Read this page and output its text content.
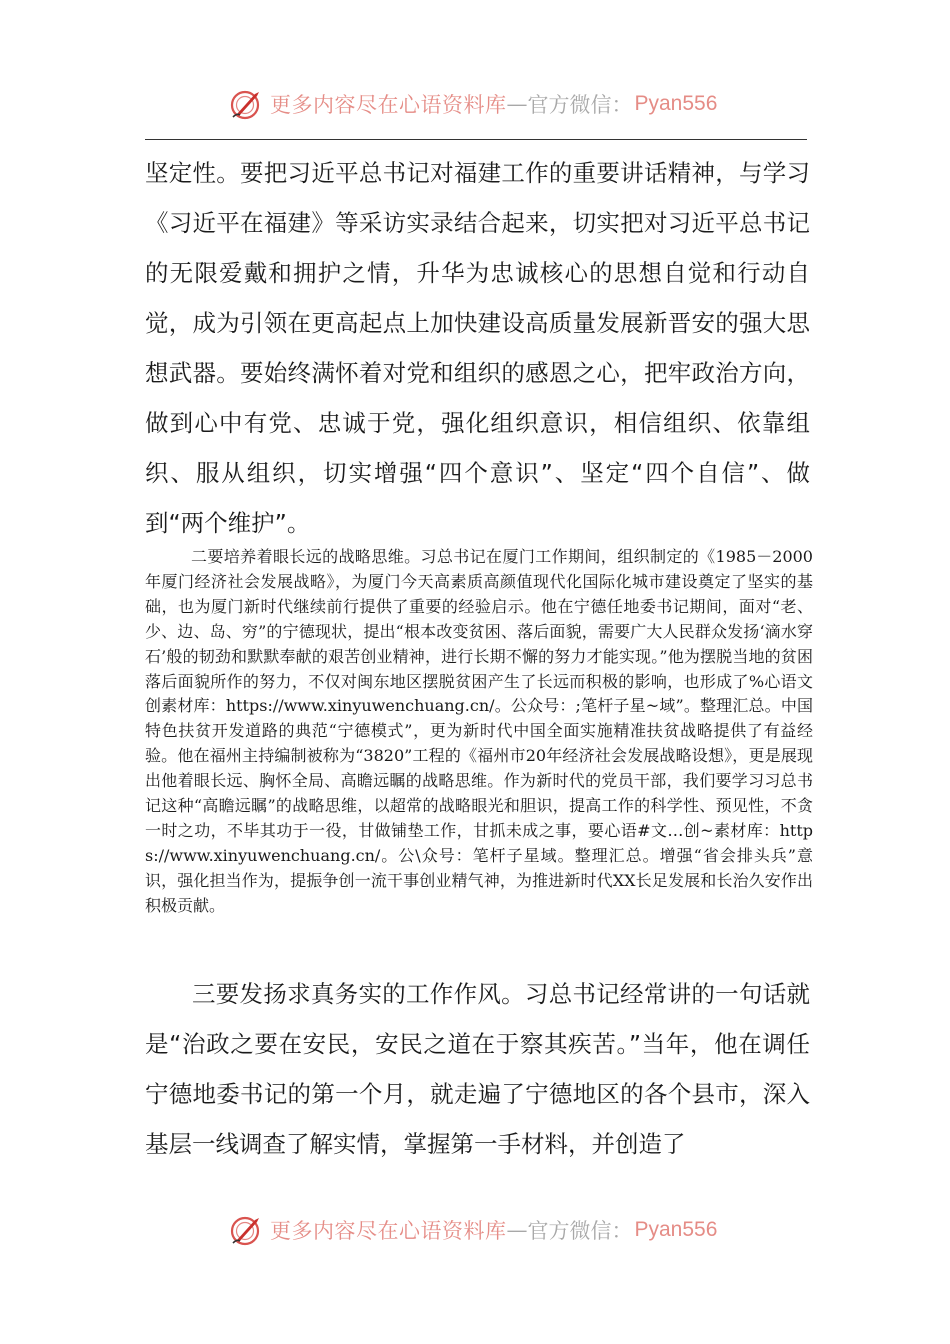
更多内容尽在心语资料库 — 官方微信： Pyan556

坚定性。要把习近平总书记对福建工作的重要讲话精神，与学习《习近平在福建》等采访实录结合起来，切实把对习近平总书记的无限爱戴和拥护之情，升华为忠诚核心的思想自觉和行动自觉，成为引领在更高起点上加快建设高质量发展新晋安的强大思想武器。要始终满怀着对党和组织的感恩之心，把牢政治方向，做到心中有党、忠诚于党，强化组织意识，相信组织、依靠组织、服从组织，切实增强“四个意识”、坚定“四个自信”、做到“两个维护”。

二要培养着眼长远的战略思维。习总书记在厦门工作期间，组织制定的《1985－2000年厦门经济社会发展战略》，为厦门今天高素质高颜值现代化国际化城市建设奠定了坚实的基础，也为厦门新时代继续前行提供了重要的经验启示。他在宁德任地委书记期间，面对“老、少、边、岛、穷”的宁德现状，提出“根本改变贫困、落后面貌，需要广大人民群众发扬‘滴水穿石’般的韧劲和默默奉献的艰苦创业精神，进行长期不懈的努力才能实现。”他为摆脱当地的贫困落后面貌所作的努力，不仅对闽东地区摆脱贫困产生了长远而积极的影响，也形成了%心语文创素材库：https://www.xinyuwenchuang.cn/。公众号：;笔杆子星~域”。整理汇总。中国特色扶贫开发道路的典范“宁德模式”，更为新时代中国全面实施精准扶贫战略提供了有益经验。他在福州主持编制被称为“3820”工程的《福州市20年经济社会发展战略设想》，更是展现出他着眼长远、胸怀全局、高瞻远瞩的战略思维。作为新时代的党员干部，我们要学习习总书记这种“高瞻远瞩”的战略思维，以超常的战略眼光和胆识，提高工作的科学性、预见性，不贪一时之功，不毕其功于一役，甘做铺垫工作，甘抓未成之事，要心语#文…创~素材库：https://www.xinyuwenchuang.cn/。公\众号：笔杆子星域。整理汇总。增强“省会排头兵”意识，强化担当作为，提振争创一流干事创业精气神，为推进新时代XX长足发展和长治久安作出积极贡献。

三要发扬求真务实的工作作风。习总书记经常讲的一句话就是“治政之要在安民，安民之道在于察其疾苦。”当年，他在调任宁德地委书记的第一个月，就走遍了宁德地区的各个县市，深入基层一线调查了解实情，掌握第一手材料，并创造了

更多内容尽在心语资料库 — 官方微信： Pyan556
